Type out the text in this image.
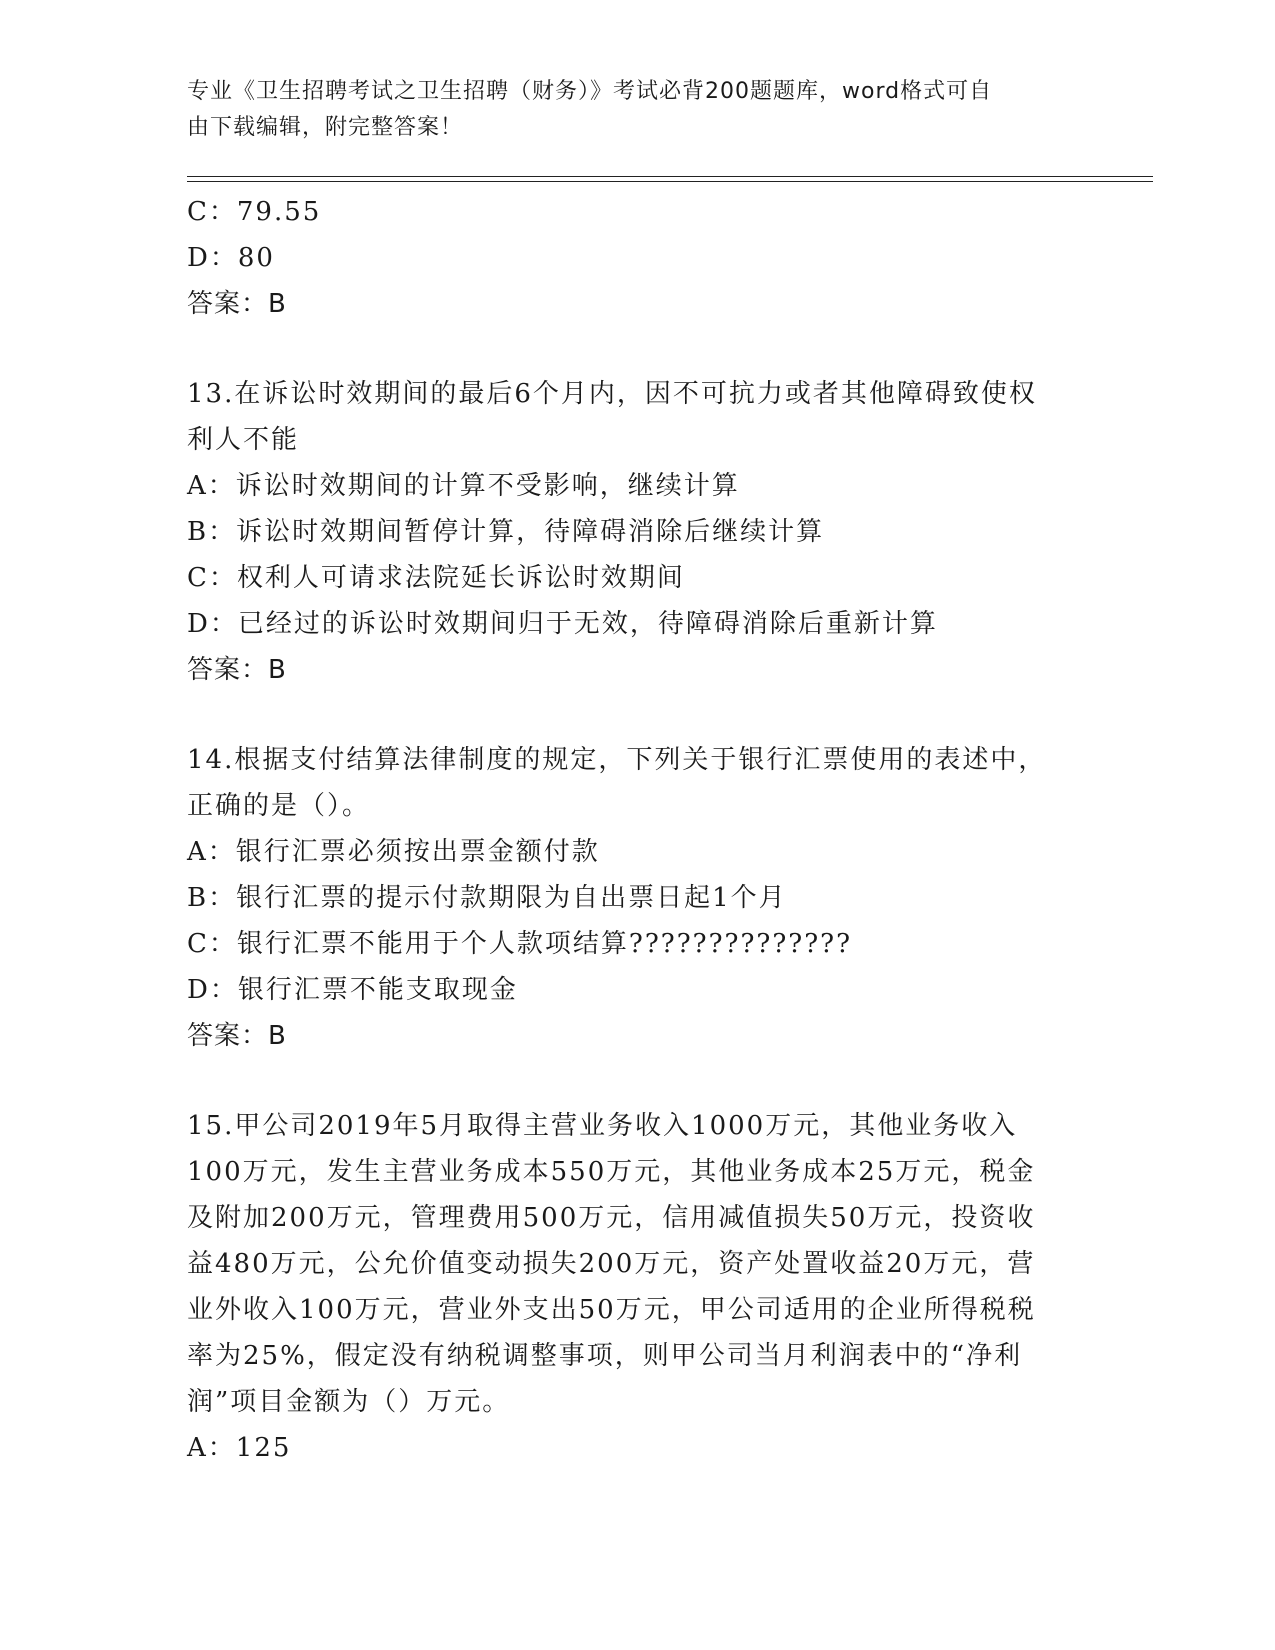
专业《卫生招聘考试之卫生招聘（财务）》考试必背200题题库，word格式可自
由下载编辑，附完整答案！
C：79.55
D：80
答案：B
13.在诉讼时效期间的最后6个月内，因不可抗力或者其他障碍致使权
利人不能
A：诉讼时效期间的计算不受影响，继续计算
B：诉讼时效期间暂停计算，待障碍消除后继续计算
C：权利人可请求法院延长诉讼时效期间
D：已经过的诉讼时效期间归于无效，待障碍消除后重新计算
答案：B
14.根据支付结算法律制度的规定，下列关于银行汇票使用的表述中，
正确的是（）。
A：银行汇票必须按出票金额付款
B：银行汇票的提示付款期限为自出票日起1个月
C：银行汇票不能用于个人款项结算??????????????
D：银行汇票不能支取现金
答案：B
15.甲公司2019年5月取得主营业务收入1000万元，其他业务收入
100万元，发生主营业务成本550万元，其他业务成本25万元，税金
及附加200万元，管理费用500万元，信用减值损失50万元，投资收
益480万元，公允价值变动损失200万元，资产处置收益20万元，营
业外收入100万元，营业外支出50万元，甲公司适用的企业所得税税
率为25%，假定没有纳税调整事项，则甲公司当月利润表中的“净利
润”项目金额为（）万元。
A：125
